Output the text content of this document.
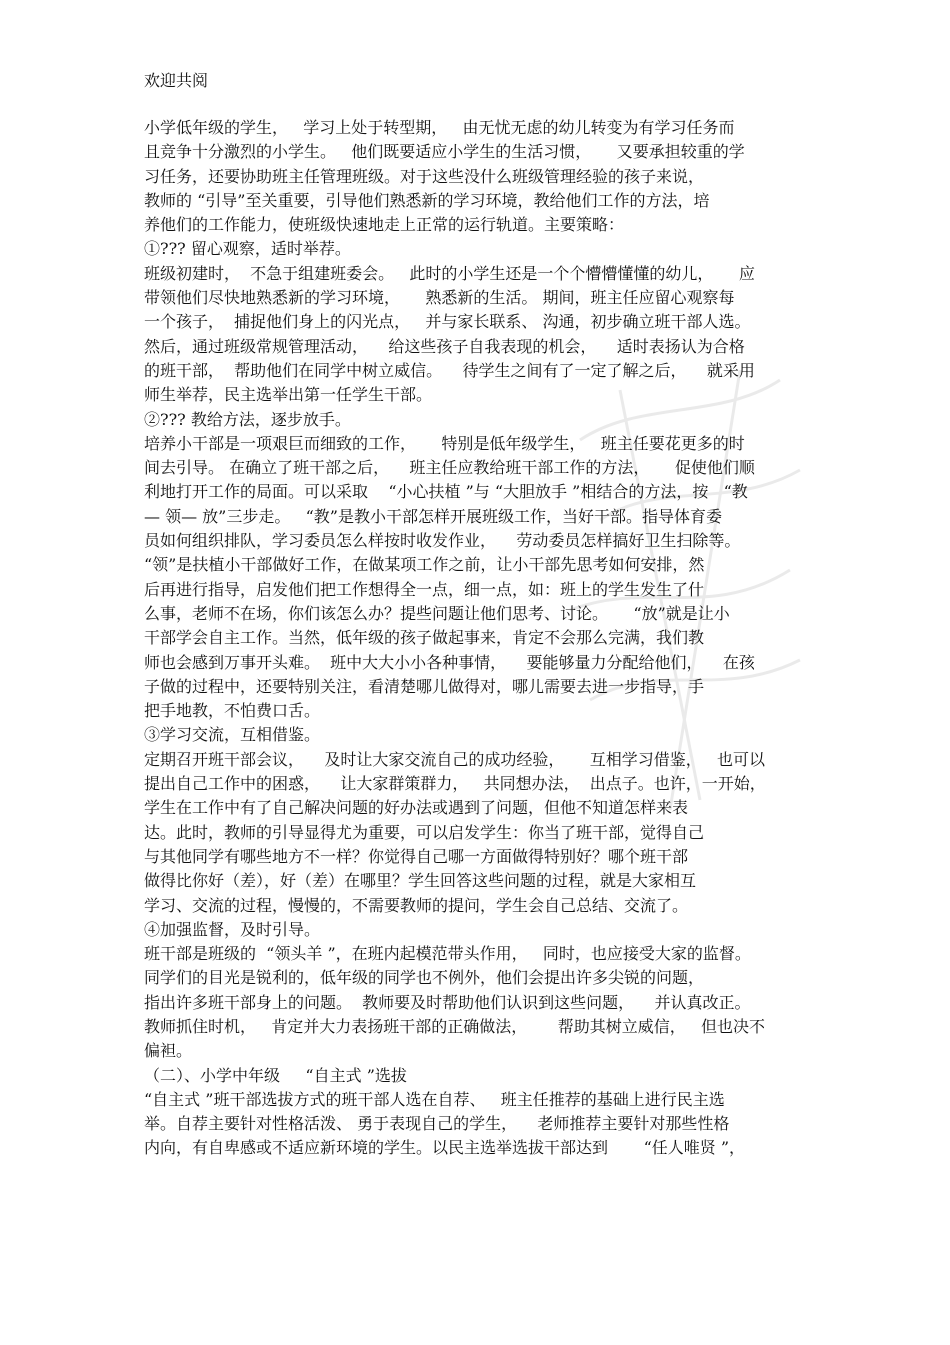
欢迎共阅
小学低年级的学生，   学习上处于转型期，   由无忧无虑的幼儿转变为有学习任务而
且竞争十分激烈的小学生。   他们既要适应小学生的生活习惯，     又要承担较重的学
习任务，还要协助班主任管理班级。对于这些没什么班级管理经验的孩子来说，
教师的 “引导”至关重要，引导他们熟悉新的学习环境，教给他们工作的方法，培
养他们的工作能力，使班级快速地走上正常的运行轨道。主要策略：
①??? 留心观察，适时举荐。
班级初建时，  不急于组建班委会。   此时的小学生还是一个个懵懵懂懂的幼儿，     应
带领他们尽快地熟悉新的学习环境，     熟悉新的生活。 期间，班主任应留心观察每
一个孩子，  捕捉他们身上的闪光点，   并与家长联系、 沟通，初步确立班干部人选。
然后，通过班级常规管理活动，    给这些孩子自我表现的机会，    适时表扬认为合格
的班干部，  帮助他们在同学中树立威信。    待学生之间有了一定了解之后，    就采用
师生举荐，民主选举出第一任学生干部。
②??? 教给方法，逐步放手。
培养小干部是一项艰巨而细致的工作，     特别是低年级学生，   班主任要花更多的时
间去引导。 在确立了班干部之后，    班主任应教给班干部工作的方法，     促使他们顺
利地打开工作的局面。可以采取    “小心扶植 ”与 “大胆放手 ”相结合的方法，按   “教
— 领— 放”三步走。   “教”是教小干部怎样开展班级工作，当好干部。指导体育委
员如何组织排队，学习委员怎么样按时收发作业，    劳动委员怎样搞好卫生扫除等。
“领”是扶植小干部做好工作，在做某项工作之前，让小干部先思考如何安排，然
后再进行指导，启发他们把工作想得全一点，细一点，如：班上的学生发生了什
么事，老师不在场，你们该怎么办？提些问题让他们思考、讨论。     “放”就是让小
干部学会自主工作。当然，低年级的孩子做起事来，肯定不会那么完满，我们教
师也会感到万事开头难。  班中大大小小各种事情，    要能够量力分配给他们，    在孩
子做的过程中，还要特别关注，看清楚哪儿做得对，哪儿需要去进一步指导，手
把手地教，不怕费口舌。
③学习交流，互相借鉴。
定期召开班干部会议，    及时让大家交流自己的成功经验，     互相学习借鉴，   也可以
提出自己工作中的困惑，    让大家群策群力，   共同想办法，  出点子。也许，一开始，
学生在工作中有了自己解决问题的好办法或遇到了问题，但他不知道怎样来表
达。此时，教师的引导显得尤为重要，可以启发学生：你当了班干部，觉得自己
与其他同学有哪些地方不一样？你觉得自己哪一方面做得特别好？哪个班干部
做得比你好（差），好（差）在哪里？学生回答这些问题的过程，就是大家相互
学习、交流的过程，慢慢的，不需要教师的提问，学生会自己总结、交流了。
④加强监督，及时引导。
班干部是班级的  “领头羊 ”，在班内起模范带头作用，   同时，也应接受大家的监督。
同学们的目光是锐利的，低年级的同学也不例外，他们会提出许多尖锐的问题，
指出许多班干部身上的问题。  教师要及时帮助他们认识到这些问题，    并认真改正。
教师抓住时机，   肯定并大力表扬班干部的正确做法，      帮助其树立威信，   但也决不
偏袒。
（二）、小学中年级     “自主式 ”选拔
“自主式 ”班干部选拔方式的班干部人选在自荐、   班主任推荐的基础上进行民主选
举。自荐主要针对性格活泼、 勇于表现自己的学生，    老师推荐主要针对那些性格
内向，有自卑感或不适应新环境的学生。以民主选举选拔干部达到       “任人唯贤 ”，
